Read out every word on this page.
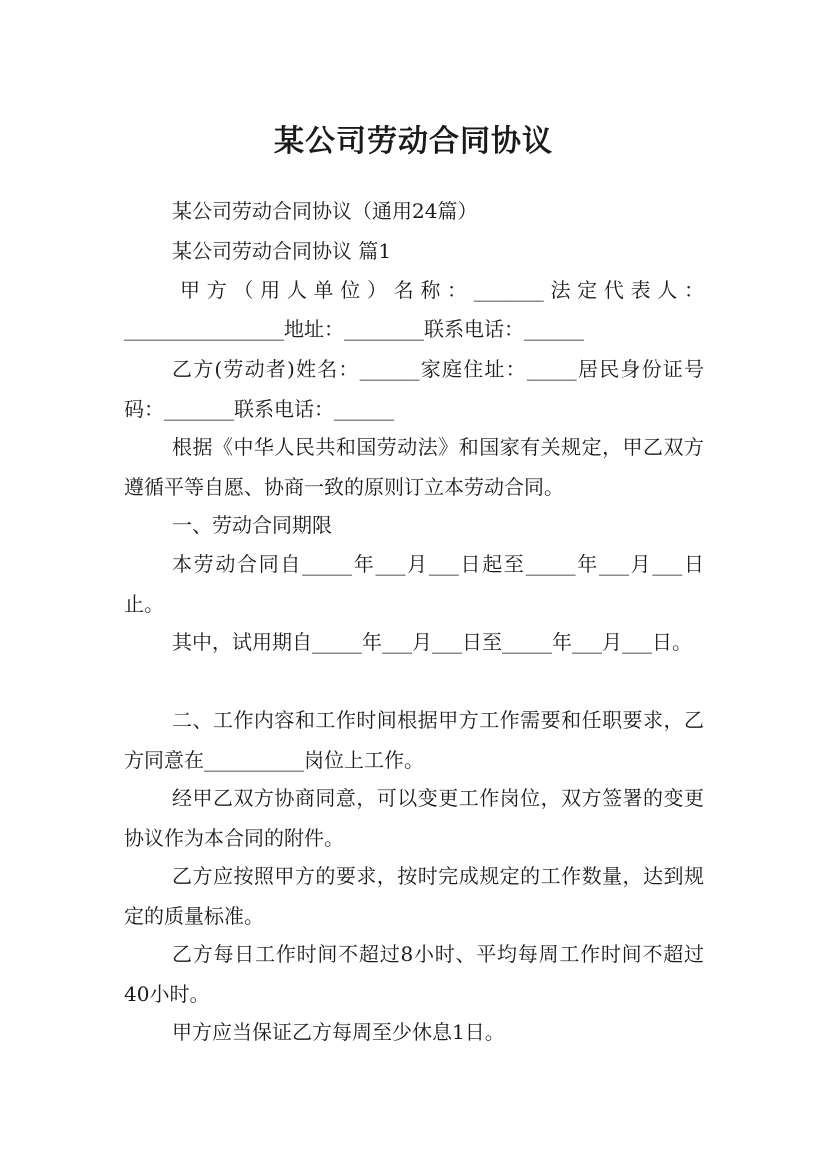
某公司劳动合同协议

某公司劳动合同协议（通用24篇）

某公司劳动合同协议 篇1

甲方（用人单位）名称：_______法定代表人：

________________地址：________联系电话：______

乙方(劳动者)姓名：______家庭住址：_____居民身份证号码：_______联系电话：______

根据《中华人民共和国劳动法》和国家有关规定，甲乙双方遵循平等自愿、协商一致的原则订立本劳动合同。

一、劳动合同期限

本劳动合同自_____年___月___日起至_____年___月___日止。

其中，试用期自_____年___月___日至_____年___月___日。

二、工作内容和工作时间根据甲方工作需要和任职要求，乙方同意在__________岗位上工作。

经甲乙双方协商同意，可以变更工作岗位，双方签署的变更协议作为本合同的附件。

乙方应按照甲方的要求，按时完成规定的工作数量，达到规定的质量标准。

乙方每日工作时间不超过8小时、平均每周工作时间不超过40小时。

甲方应当保证乙方每周至少休息1日。
